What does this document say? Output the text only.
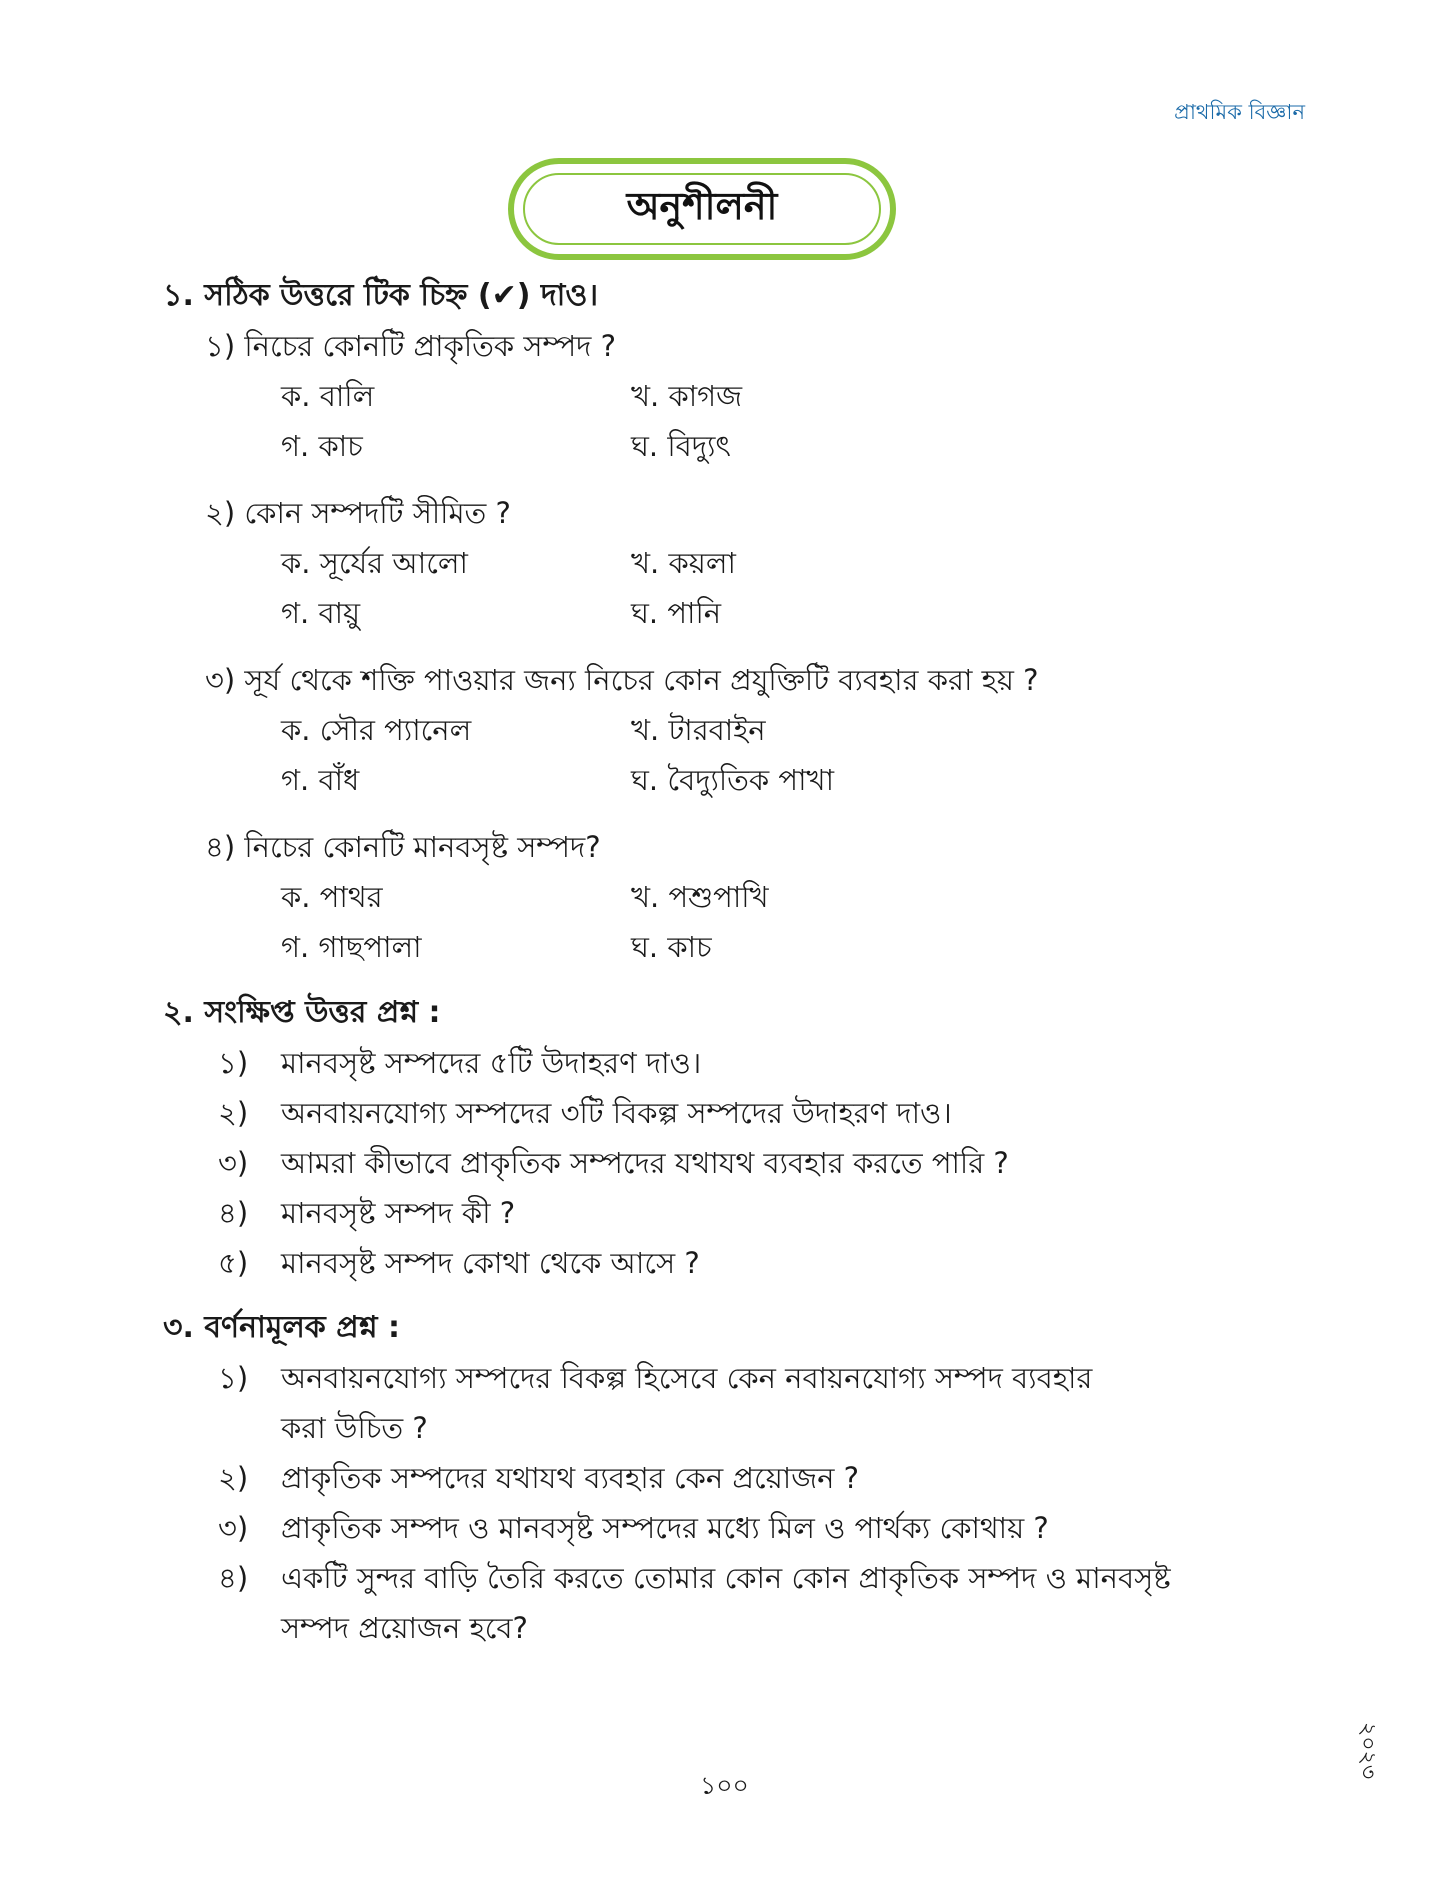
প্রাথমিক বিজ্ঞান
অনুশীলনী
১. সঠিক উত্তরে টিক চিহ্ন (✔) দাও।
১) নিচের কোনটি প্রাকৃতিক সম্পদ ?
ক. বালি	খ. কাগজ
গ. কাচ	ঘ. বিদ্যুৎ
২) কোন সম্পদটি সীমিত ?
ক. সূর্যের আলো	খ. কয়লা
গ. বায়ু	ঘ. পানি
৩) সূর্য থেকে শক্তি পাওয়ার জন্য নিচের কোন প্রযুক্তিটি ব্যবহার করা হয় ?
ক. সৌর প্যানেল	খ. টারবাইন
গ. বাঁধ	ঘ. বৈদ্যুতিক পাখা
৪) নিচের কোনটি মানবসৃষ্ট সম্পদ?
ক. পাথর	খ. পশুপাখি
গ. গাছপালা	ঘ. কাচ
২. সংক্ষিপ্ত উত্তর প্রশ্ন :
১) মানবসৃষ্ট সম্পদের ৫টি উদাহরণ দাও।
২) অনবায়নযোগ্য সম্পদের ৩টি বিকল্প সম্পদের উদাহরণ দাও।
৩) আমরা কীভাবে প্রাকৃতিক সম্পদের যথাযথ ব্যবহার করতে পারি ?
৪) মানবসৃষ্ট সম্পদ কী ?
৫) মানবসৃষ্ট সম্পদ কোথা থেকে আসে ?
৩. বর্ণনামূলক প্রশ্ন :
১) অনবায়নযোগ্য সম্পদের বিকল্প হিসেবে কেন নবায়নযোগ্য সম্পদ ব্যবহার
করা উচিত ?
২) প্রাকৃতিক সম্পদের যথাযথ ব্যবহার কেন প্রয়োজন ?
৩) প্রাকৃতিক সম্পদ ও মানবসৃষ্ট সম্পদের মধ্যে মিল ও পার্থক্য কোথায় ?
৪) একটি সুন্দর বাড়ি তৈরি করতে তোমার কোন কোন প্রাকৃতিক সম্পদ ও মানবসৃষ্ট
সম্পদ প্রয়োজন হবে?
১০০
২০২৩
